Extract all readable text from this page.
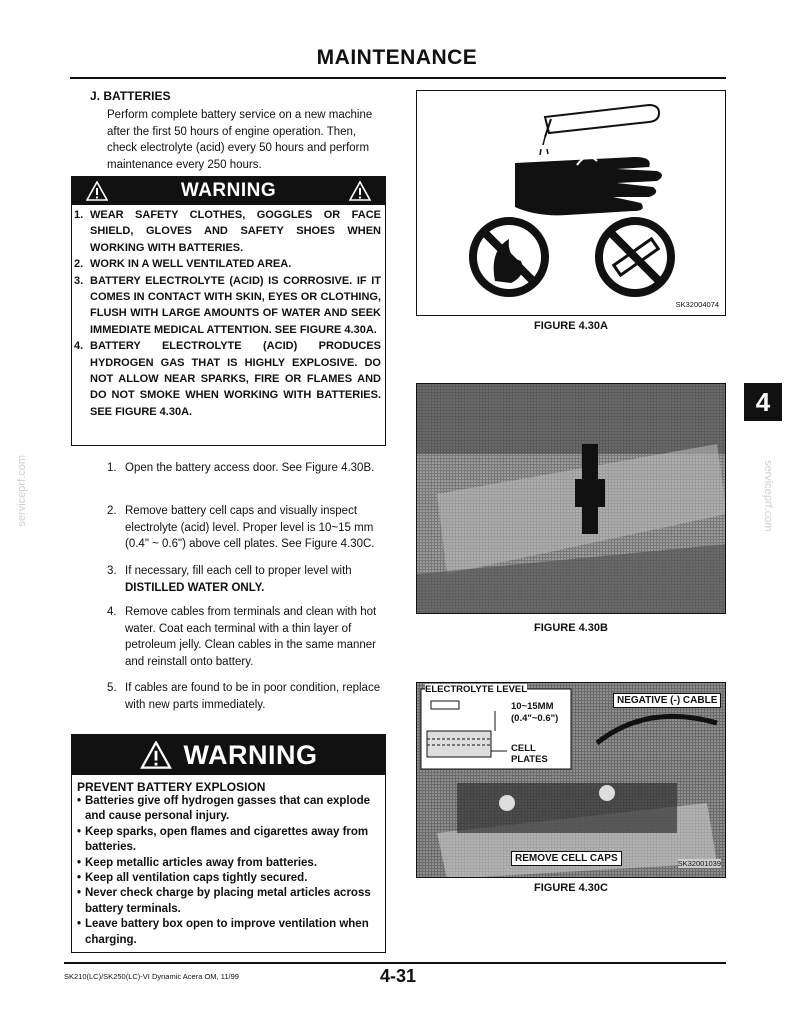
MAINTENANCE
4
serviceprf.com	serviceprf.com
SK210(LC)/SK250(LC)-VI Dynamic Acera OM, 11/99	4-31
J. BATTERIES
Perform complete battery service on a new machine after the first 50 hours of engine operation. Then, check electrolyte (acid) every 50 hours and perform maintenance every 250 hours.
WARNING
1. WEAR SAFETY CLOTHES, GOGGLES OR FACE SHIELD, GLOVES AND SAFETY SHOES WHEN WORKING WITH BATTERIES.
2. WORK IN A WELL VENTILATED AREA.
3. BATTERY ELECTROLYTE (ACID) IS CORROSIVE. IF IT COMES IN CONTACT WITH SKIN, EYES OR CLOTHING, FLUSH WITH LARGE AMOUNTS OF WATER AND SEEK IMMEDIATE MEDICAL ATTENTION. SEE FIGURE 4.30A.
4. BATTERY ELECTROLYTE (ACID) PRODUCES HYDROGEN GAS THAT IS HIGHLY EXPLOSIVE. DO NOT ALLOW NEAR SPARKS, FIRE OR FLAMES AND DO NOT SMOKE WHEN WORKING WITH BATTERIES. SEE FIGURE 4.30A.
1. Open the battery access door. See Figure 4.30B.
2. Remove battery cell caps and visually inspect electrolyte (acid) level. Proper level is 10~15 mm (0.4" ~ 0.6") above cell plates. See Figure 4.30C.
3. If necessary, fill each cell to proper level with DISTILLED WATER ONLY.
4. Remove cables from terminals and clean with hot water. Coat each terminal with a thin layer of petroleum jelly. Clean cables in the same manner and reinstall onto battery.
5. If cables are found to be in poor condition, replace with new parts immediately.
WARNING
PREVENT BATTERY EXPLOSION
• Batteries give off hydrogen gasses that can explode and cause personal injury.
• Keep sparks, open flames and cigarettes away from batteries.
• Keep metallic articles away from batteries.
• Keep all ventilation caps tightly secured.
• Never check charge by placing metal articles across battery terminals.
• Leave battery box open to improve ventilation when charging.
SK32004074
FIGURE 4.30A
FIGURE 4.30B
ELECTROLYTE LEVEL
10~15MM
(0.4"~0.6")
CELL
PLATES
NEGATIVE (-) CABLE
REMOVE CELL CAPS	SK32001039
FIGURE 4.30C
